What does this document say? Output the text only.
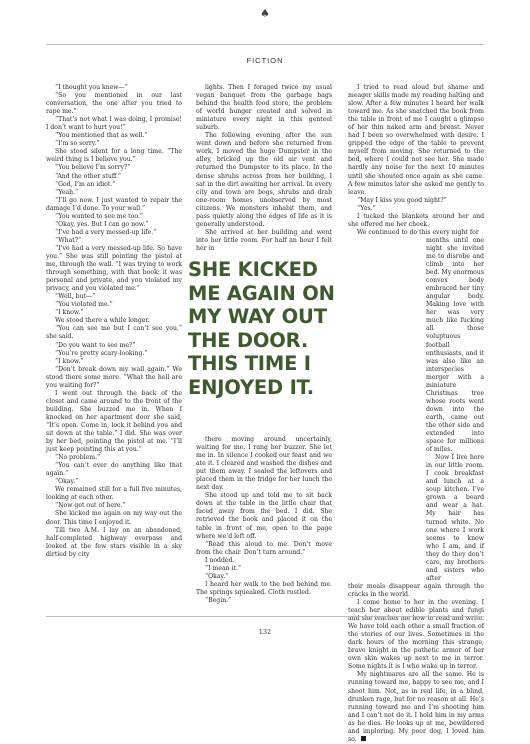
♠
FICTION

“I thought you knew—”

“So you mentioned in our last conversation, the one after you tried to rape me.”

“That’s not what I was doing, I promise! I don’t want to hurt you!”

“You mentioned that as well.”

“I’m so sorry.”

She stood silent for a long time. “The weird thing is I believe you.”

“You believe I’m sorry?”

“And the other stuff.”

“God, I’m an idiot.”

“Yeah.”

“I’ll go now. I just wanted to repair the damage I’d done. To your wall.”

“You wanted to see me too.”

“Okay, yes. But I can go now.”

“I’ve had a very messed-up life.”

“What?”

“I’ve had a very messed-up life. So have you.” She was still pointing the pistol at me, through the wall. “I was trying to work through something, with that book; it was personal and private, and you violated my privacy, and you violated me.”

“Well, but—”

“You violated me.”

“I know.”

We stood there a while longer.

“You can see me but I can’t see you,” she said.

“Do you want to see me?”

“You’re pretty scary-looking.”

“I know.”

“Don’t break down my wall again.” We stood there some more. “What the hell are you waiting for?”

I went out through the back of the closet and came around to the front of the building. She buzzed me in. When I knocked on her apartment door she said, “It’s open. Come in, lock it behind you and sit down at the table.” I did. She was over by her bed, pointing the pistol at me. “I’ll just keep pointing this at you.”

“No problem.”

“You can’t ever do anything like that again.”

“Okay.”

We remained still for a full five minutes, looking at each other.

“Now get out of here.”

She kicked me again on my way out the door. This time I enjoyed it.

Till two A.M. I lay on an abandoned, half-completed highway overpass and looked at the few stars visible in a sky dirtied by city

lights. Then I foraged twice my usual vegan banquet from the garbage bags behind the health food store, the problem of world hunger created and solved in miniature every night in this genteel suburb.

The following evening after the sun went down and before she returned from work, I moved the huge Dumpster in the alley, bricked up the old air vent and returned the Dumpster to its place. In the dense shrubs across from her building, I sat in the dirt awaiting her arrival. In every city and town are bogs, shrubs and drab one-room homes unobserved by most citizens. We monsters inhabit them, and pass quietly along the edges of life as it is generally understood.

She arrived at her building and went into her little room. For half an hour I felt her in

there moving around uncertainly, waiting for me. I rang her buzzer. She let me in. In silence I cooked our feast and we ate it. I cleared and washed the dishes and put them away. I sealed the leftovers and placed them in the fridge for her lunch the next day.

She stood up and told me to sit back down at the table in the little chair that faced away from the bed. I did. She retrieved the book and placed it on the table in front of me, open to the page where we’d left off.

“Read this aloud to me. Don’t move from the chair. Don’t turn around.”

I nodded.

“I mean it.”

“Okay.”

I heard her walk to the bed behind me. The springs squeaked. Cloth rustled.

“Begin.”

I tried to read aloud but shame and meager skills made my reading halting and slow. After a few minutes I heard her walk toward me. As she snatched the book from the table in front of me I caught a glimpse of her thin naked arm and breast. Never had I been so overwhelmed with desire. I gripped the edge of the table to prevent myself from moving. She returned to the bed, where I could not see her. She made hardly any noise for the next 10 minutes until she shouted once again as she came. A few minutes later she asked me gently to leave.

“May I kiss you good night?”

“Yes.”

I tucked the blankets around her and she offered me her cheek.

We continued to do this every night for

months until one night she invited me to disrobe and climb into her bed. My enormous convex body embraced her tiny angular body. Making love with her was very much like fucking all those voluptuous football enthusiasts, and it was also like an interspecies merger with a miniature Christmas tree whose roots went down into the earth, came out the other side and extended into space for millions of miles.

Now I live here in our little room. I cook breakfast and lunch at a soup kitchen. I’ve grown a beard and wear a hat. My hair has turned white. No one where I work seems to know who I am, and if they do they don’t care, my brothers and sisters who after

their meals disappear again through the cracks in the world.

I come home to her in the evening. I teach her about edible plants and fungi and she teaches me how to read and write. We have told each other a small fraction of the stories of our lives. Sometimes in the dark hours of the morning this strange, brave knight in the pathetic armor of her own skin wakes up next to me in terror. Some nights it is I who wake up in terror.

My nightmares are all the same. He is running toward me, happy to see me, and I shoot him. Not, as in real life, in a blind, drunken rage, but for no reason at all. He’s running toward me and I’m shooting him and I can’t not do it. I hold him in my arms as he dies. He looks up at me, bewildered and imploring. My poor dog, I loved him so.

SHE KICKED
ME AGAIN ON
MY WAY OUT
THE DOOR.
THIS TIME I
ENJOYED IT.
132
